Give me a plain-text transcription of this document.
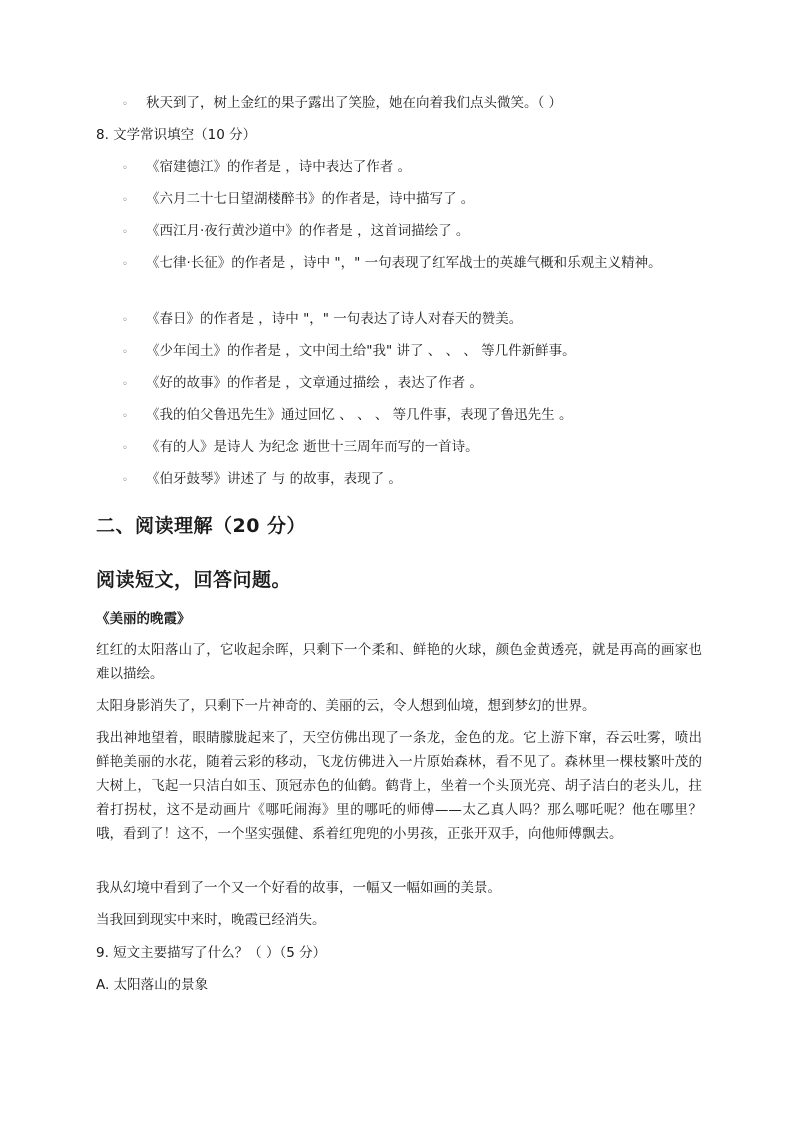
◦ 秋天到了，树上金红的果子露出了笑脸，她在向着我们点头微笑。（ ）
8. 文学常识填空（10 分）
◦ 《宿建德江》的作者是 ，诗中表达了作者 。
◦ 《六月二十七日望湖楼醉书》的作者是，诗中描写了 。
◦ 《西江月·夜行黄沙道中》的作者是 ，这首词描绘了 。
◦	《七律·长征》的作者是 ，诗中 "，" 一句表现了红军战士的英雄气概和乐观主义精神。
◦ 《春日》的作者是 ，诗中 "，" 一句表达了诗人对春天的赞美。
◦ 《少年闰土》的作者是 ，文中闰土给"我" 讲了 、 、 、 等几件新鲜事。
◦ 《好的故事》的作者是 ，文章通过描绘 ，表达了作者 。
◦ 《我的伯父鲁迅先生》通过回忆 、 、 、 等几件事，表现了鲁迅先生 。
◦ 《有的人》是诗人 为纪念 逝世十三周年而写的一首诗。
◦ 《伯牙鼓琴》讲述了 与 的故事，表现了 。
二、阅读理解（20 分）
阅读短文，回答问题。
《美丽的晚霞》
红红的太阳落山了，它收起余晖，只剩下一个柔和、鲜艳的火球，颜色金黄透亮，就是再高的画家也难以描绘。
太阳身影消失了，只剩下一片神奇的、美丽的云，令人想到仙境，想到梦幻的世界。
我出神地望着，眼睛朦胧起来了，天空仿佛出现了一条龙，金色的龙。它上游下窜，吞云吐雾，喷出鲜艳美丽的水花，随着云彩的移动，飞龙仿佛进入一片原始森林，看不见了。森林里一棵枝繁叶茂的大树上，飞起一只洁白如玉、顶冠赤色的仙鹤。鹤背上，坐着一个头顶光亮、胡子洁白的老头儿，拄着打拐杖，这不是动画片《哪吒闹海》里的哪吒的师傅——太乙真人吗？那么哪吒呢？他在哪里？哦，看到了！这不，一个坚实强健、系着红兜兜的小男孩，正张开双手，向他师傅飘去。
我从幻境中看到了一个又一个好看的故事，一幅又一幅如画的美景。
当我回到现实中来时，晚霞已经消失。
9. 短文主要描写了什么？（ ）（5 分）
A. 太阳落山的景象
